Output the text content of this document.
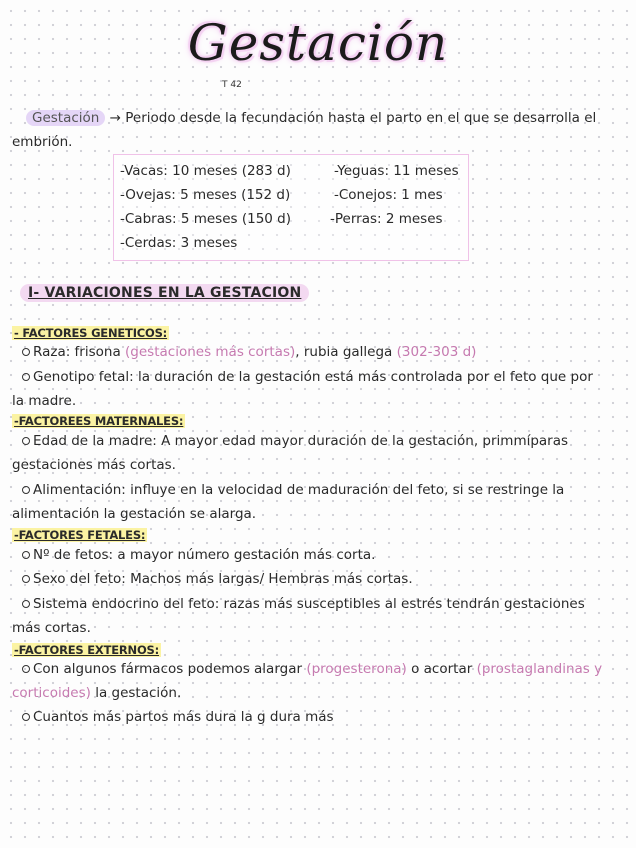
Gestación
T 42
Gestación → Periodo desde la fecundación hasta el parto en el que se desarrolla el
embrión.
-Vacas: 10 meses (283 d)
-Ovejas: 5 meses (152 d)
-Cabras: 5 meses (150 d)
-Cerdas: 3 meses
-Yeguas: 11 meses
-Conejos: 1 mes
-Perras: 2 meses
I- VARIACIONES EN LA GESTACION
- FACTORES GENETICOS:
Raza: frisona (gestaciones más cortas), rubia gallega (302-303 d)
Genotipo fetal: la duración de la gestación está más controlada por el feto que por
la madre.
-FACTOREES MATERNALES:
Edad de la madre: A mayor edad mayor duración de la gestación, primmíparas
gestaciones más cortas.
Alimentación: influye en la velocidad de maduración del feto, si se restringe la
alimentación la gestación se alarga.
-FACTORES FETALES:
Nº de fetos: a mayor número gestación más corta.
Sexo del feto: Machos más largas/ Hembras más cortas.
Sistema endocrino del feto: razas más susceptibles al estrés tendrán gestaciones
más cortas.
-FACTORES EXTERNOS:
Con algunos fármacos podemos alargar (progesterona) o acortar (prostaglandinas y
corticoides) la gestación.
Cuantos más partos más dura la g dura más
